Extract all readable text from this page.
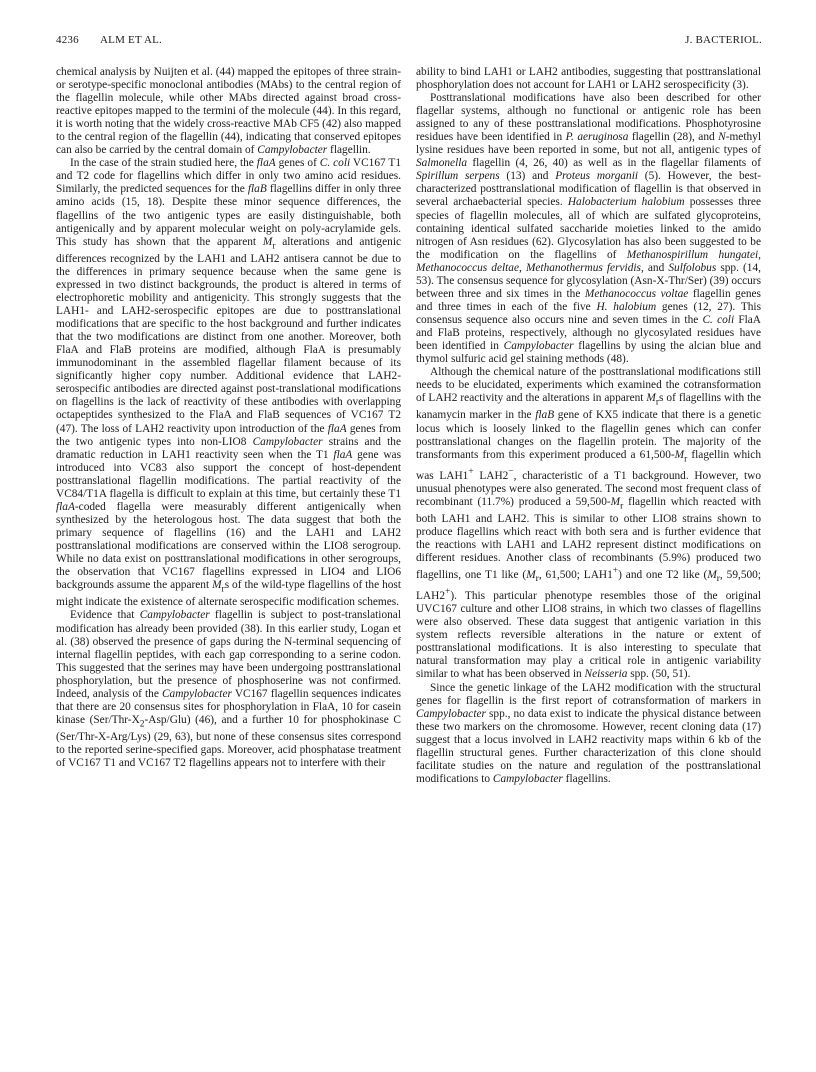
4236 ALM ET AL.	J. BACTERIOL.

chemical analysis by Nuijten et al. (44) mapped the epitopes of three strain- or serotype-specific monoclonal antibodies (MAbs) to the central region of the flagellin molecule, while other MAbs directed against broad cross-reactive epitopes mapped to the termini of the molecule (44). In this regard, it is worth noting that the widely cross-reactive MAb CF5 (42) also mapped to the central region of the flagellin (44), indicating that conserved epitopes can also be carried by the central domain of Campylobacter flagellin.

In the case of the strain studied here, the flaA genes of C. coli VC167 T1 and T2 code for flagellins which differ in only two amino acid residues. Similarly, the predicted sequences for the flaB flagellins differ in only three amino acids (15, 18). Despite these minor sequence differences, the flagellins of the two antigenic types are easily distinguishable, both antigenically and by apparent molecular weight on poly-acrylamide gels. This study has shown that the apparent $M_r$ alterations and antigenic differences recognized by the LAH1 and LAH2 antisera cannot be due to the differences in primary sequence because when the same gene is expressed in two distinct backgrounds, the product is altered in terms of electrophoretic mobility and antigenicity. This strongly suggests that the LAH1- and LAH2-serospecific epitopes are due to posttranslational modifications that are specific to the host background and further indicates that the two modifications are distinct from one another. Moreover, both FlaA and FlaB proteins are modified, although FlaA is presumably immunodominant in the assembled flagellar filament because of its significantly higher copy number. Additional evidence that LAH2-serospecific antibodies are directed against post-translational modifications on flagellins is the lack of reactivity of these antibodies with overlapping octapeptides synthesized to the FlaA and FlaB sequences of VC167 T2 (47). The loss of LAH2 reactivity upon introduction of the flaA genes from the two antigenic types into non-LIO8 Campylobacter strains and the dramatic reduction in LAH1 reactivity seen when the T1 flaA gene was introduced into VC83 also support the concept of host-dependent posttranslational flagellin modifications. The partial reactivity of the VC84/T1A flagella is difficult to explain at this time, but certainly these T1 flaA-coded flagella were measurably different antigenically when synthesized by the heterologous host. The data suggest that both the primary sequence of flagellins (16) and the LAH1 and LAH2 posttranslational modifications are conserved within the LIO8 serogroup. While no data exist on posttranslational modifications in other serogroups, the observation that VC167 flagellins expressed in LIO4 and LIO6 backgrounds assume the apparent $M_rs$ of the wild-type flagellins of the host might indicate the existence of alternate serospecific modification schemes.

Evidence that Campylobacter flagellin is subject to post-translational modification has already been provided (38). In this earlier study, Logan et al. (38) observed the presence of gaps during the N-terminal sequencing of internal flagellin peptides, with each gap corresponding to a serine codon. This suggested that the serines may have been undergoing posttranslational phosphorylation, but the presence of phosphoserine was not confirmed. Indeed, analysis of the Campylobacter VC167 flagellin sequences indicates that there are 20 consensus sites for phosphorylation in FlaA, 10 for casein kinase $(Ser/Thr-X_2-Asp/Glu)$ (46), and a further 10 for phosphokinase C (Ser/Thr-X-Arg/Lys) (29, 63), but none of these consensus sites correspond to the reported serine-specified gaps. Moreover, acid phosphatase treatment of VC167 T1 and VC167 T2 flagellins appears not to interfere with their

ability to bind LAH1 or LAH2 antibodies, suggesting that posttranslational phosphorylation does not account for LAH1 or LAH2 serospecificity (3).

Posttranslational modifications have also been described for other flagellar systems, although no functional or antigenic role has been assigned to any of these posttranslational modifications. Phosphotyrosine residues have been identified in P. aeruginosa flagellin (28), and N-methyl lysine residues have been reported in some, but not all, antigenic types of Salmonella flagellin (4, 26, 40) as well as in the flagellar filaments of Spirillum serpens (13) and Proteus morganii (5). However, the best-characterized posttranslational modification of flagellin is that observed in several archaebacterial species. Halobacterium halobium possesses three species of flagellin molecules, all of which are sulfated glycoproteins, containing identical sulfated saccharide moieties linked to the amido nitrogen of Asn residues (62). Glycosylation has also been suggested to be the modification on the flagellins of Methanospirillum hungatei, Methanococcus deltae, Methanothermus fervidis, and Sulfolobus spp. (14, 53). The consensus sequence for glycosylation (Asn-X-Thr/Ser) (39) occurs between three and six times in the Methanococcus voltae flagellin genes and three times in each of the five H. halobium genes (12, 27). This consensus sequence also occurs nine and seven times in the C. coli FlaA and FlaB proteins, respectively, although no glycosylated residues have been identified in Campylobacter flagellins by using the alcian blue and thymol sulfuric acid gel staining methods (48).

Although the chemical nature of the posttranslational modifications still needs to be elucidated, experiments which examined the cotransformation of LAH2 reactivity and the alterations in apparent $M_rs$ of flagellins with the kanamycin marker in the flaB gene of KX5 indicate that there is a genetic locus which is loosely linked to the flagellin genes which can confer posttranslational changes on the flagellin protein. The majority of the transformants from this experiment produced a $61,500-M_r$ flagellin which was LAH1+ LAH2−, characteristic of a T1 background. However, two unusual phenotypes were also generated. The second most frequent class of recombinant (11.7%) produced a $59,500-M_r$ flagellin which reacted with both LAH1 and LAH2. This is similar to other LIO8 strains shown to produce flagellins which react with both sera and is further evidence that the reactions with LAH1 and LAH2 represent distinct modifications on different residues. Another class of recombinants (5.9%) produced two flagellins, one T1 like ($M_r$, 61,500; LAH1+) and one T2 like ($M_r$, 59,500; LAH2+). This particular phenotype resembles those of the original UVC167 culture and other LIO8 strains, in which two classes of flagellins were also observed. These data suggest that antigenic variation in this system reflects reversible alterations in the nature or extent of posttranslational modifications. It is also interesting to speculate that natural transformation may play a critical role in antigenic variability similar to what has been observed in Neisseria spp. (50, 51).

Since the genetic linkage of the LAH2 modification with the structural genes for flagellin is the first report of cotransformation of markers in Campylobacter spp., no data exist to indicate the physical distance between these two markers on the chromosome. However, recent cloning data (17) suggest that a locus involved in LAH2 reactivity maps within 6 kb of the flagellin structural genes. Further characterization of this clone should facilitate studies on the nature and regulation of the posttranslational modifications to Campylobacter flagellins.
